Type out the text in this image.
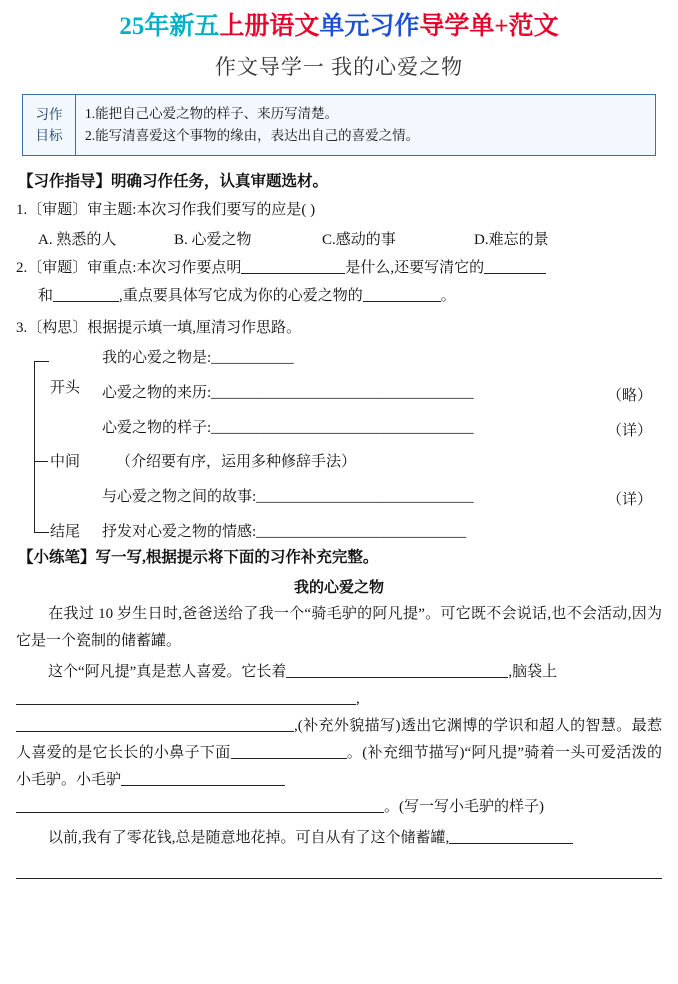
25年新五上册语文单元习作导学单+范文
作文导学一 我的心爱之物
习作
目标
1.能把自己心爱之物的样子、来历写清楚。
2.能写清喜爱这个事物的缘由，表达出自己的喜爱之情。
【习作指导】明确习作任务，认真审题选材。
1.〔审题〕审主题:本次习作我们要写的应是( )
A. 熟悉的人	B. 心爱之物	C.感动的事	D.难忘的景
2.〔审题〕审重点:本次习作要点明	是什么,还要写清它的
和	,重点要具体写它成为你的心爱之物的	。
3.〔构思〕根据提示填一填,厘清习作思路。
开头
中间
结尾
我的心爱之物是:___________
心爱之物的来历:___________________________________	（略）
心爱之物的样子:___________________________________	（详）
（介绍要有序，运用多种修辞手法）
与心爱之物之间的故事:_____________________________	（详）
抒发对心爱之物的情感:____________________________
【小练笔】写一写,根据提示将下面的习作补充完整。
我的心爱之物
在我过 10 岁生日时,爸爸送给了我一个“骑毛驴的阿凡提”。可它既不会说话,也不会活动,因为它是一个瓷制的储蓄罐。
这个“阿凡提”真是惹人喜爱。它长着	,脑袋上
,
,(补充外貌描写)透出它渊博的学识和超人的智慧。最惹人喜爱的是它长长的小鼻子下面	。(补充细节描写)“阿凡提”骑着一头可爱活泼的小毛驴。小毛驴
。(写一写小毛驴的样子)
以前,我有了零花钱,总是随意地花掉。可自从有了这个储蓄罐,
